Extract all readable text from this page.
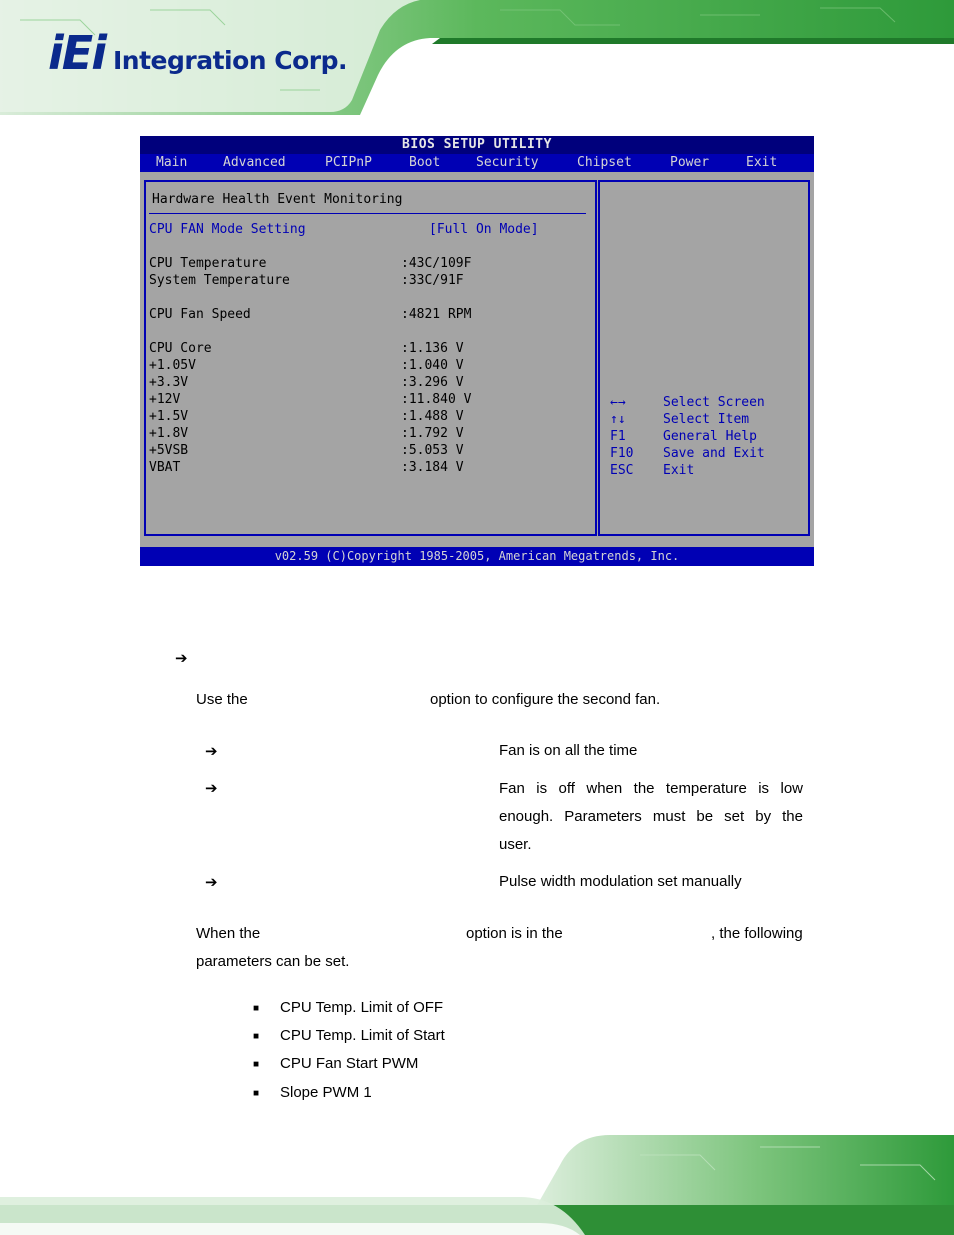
iEi Integration Corp.
BIOS SETUP UTILITY
Main	Advanced	PCIPnP	Boot	Security	Chipset	Power	Exit
Hardware Health Event Monitoring
CPU FAN Mode Setting	[Full On Mode]
CPU Temperature	:43C/109F
System Temperature	:33C/91F
CPU Fan Speed	:4821 RPM
CPU Core	:1.136 V
+1.05V	:1.040 V
+3.3V	:3.296 V
+12V	:11.840 V
+1.5V	:1.488 V
+1.8V	:1.792 V
+5VSB	:5.053 V
VBAT	:3.184 V
←→	Select Screen
↑↓	Select Item
F1	General Help
F10 Save and Exit
ESC Exit
v02.59 (C)Copyright 1985-2005, American Megatrends, Inc.
➔
Use the	option to configure the second fan.
➔	Fan is on all the time
➔	Fan is off when the temperature is low
enough. Parameters must be set by the
user.
➔	Pulse width modulation set manually
When the	option is in the	, the following
parameters can be set.
■ CPU Temp. Limit of OFF
■ CPU Temp. Limit of Start
■ CPU Fan Start PWM
■ Slope PWM 1
